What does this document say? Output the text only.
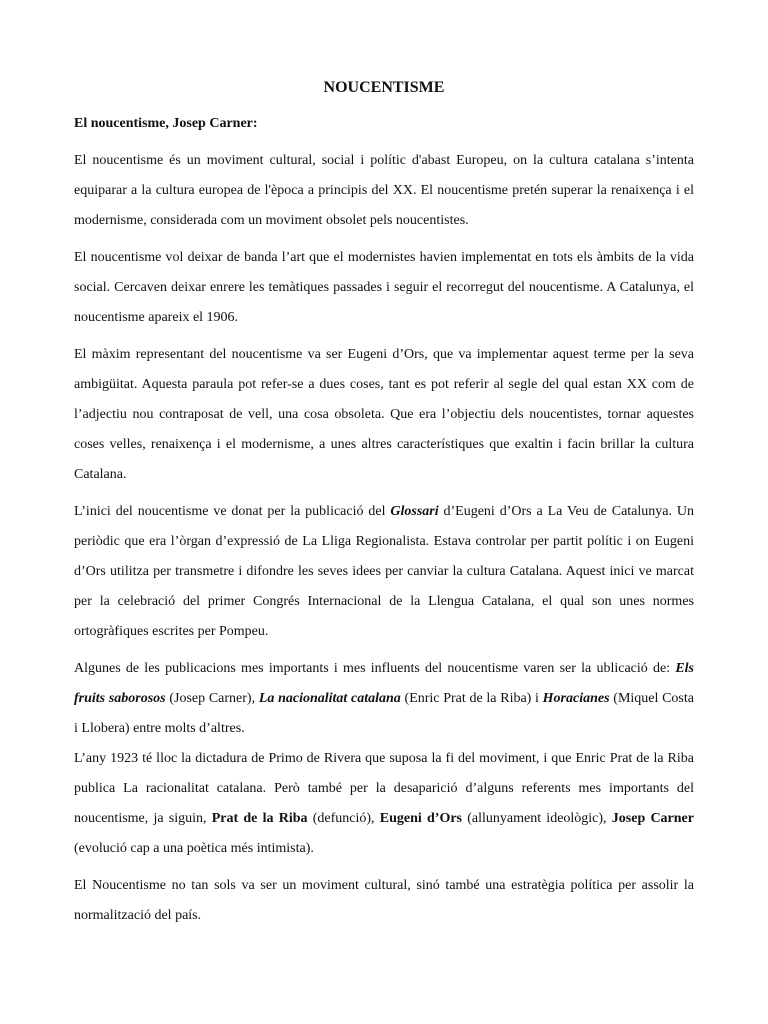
NOUCENTISME
El noucentisme, Josep Carner:

El noucentisme és un moviment cultural, social i polític d'abast Europeu, on la cultura catalana s’intenta equiparar a la cultura europea de l'època a principis del XX. El noucentisme pretén superar la renaixença i el modernisme, considerada com un moviment obsolet pels noucentistes.

El noucentisme vol deixar de banda l’art que el modernistes havien implementat en tots els àmbits de la vida social. Cercaven deixar enrere les temàtiques passades i seguir el recorregut del noucentisme. A Catalunya, el noucentisme apareix el 1906.

El màxim representant del noucentisme va ser Eugeni d’Ors, que va implementar aquest terme per la seva ambigüitat. Aquesta paraula pot refer-se a dues coses, tant es pot referir al segle del qual estan XX com de l’adjectiu nou contraposat de vell, una cosa obsoleta. Que era l’objectiu dels noucentistes, tornar aquestes coses velles, renaixença i el modernisme, a unes altres característiques que exaltin i facin brillar la cultura Catalana.

L’inici del noucentisme ve donat per la publicació del Glossari d’Eugeni d’Ors a La Veu de Catalunya. Un periòdic que era l’òrgan d’expressió de La Lliga Regionalista. Estava controlar per partit polític i on Eugeni d’Ors utilitza per transmetre i difondre les seves idees per canviar la cultura Catalana. Aquest inici ve marcat per la celebració del primer Congrés Internacional de la Llengua Catalana, el qual son unes normes ortogràfiques escrites per Pompeu.

Algunes de les publicacions mes importants i mes influents del noucentisme varen ser la ublicació de: Els fruits saborosos (Josep Carner), La nacionalitat catalana (Enric Prat de la Riba) i Horacianes (Miquel Costa i Llobera) entre molts d’altres.

L’any 1923 té lloc la dictadura de Primo de Rivera que suposa la fi del moviment, i que Enric Prat de la Riba publica La racionalitat catalana. Però també per la desaparició d’alguns referents mes importants del noucentisme, ja siguin, Prat de la Riba (defunció), Eugeni d’Ors (allunyament ideològic), Josep Carner (evolució cap a una poètica més intimista).

El Noucentisme no tan sols va ser un moviment cultural, sinó també una estratègia política per assolir la normalització del país.
